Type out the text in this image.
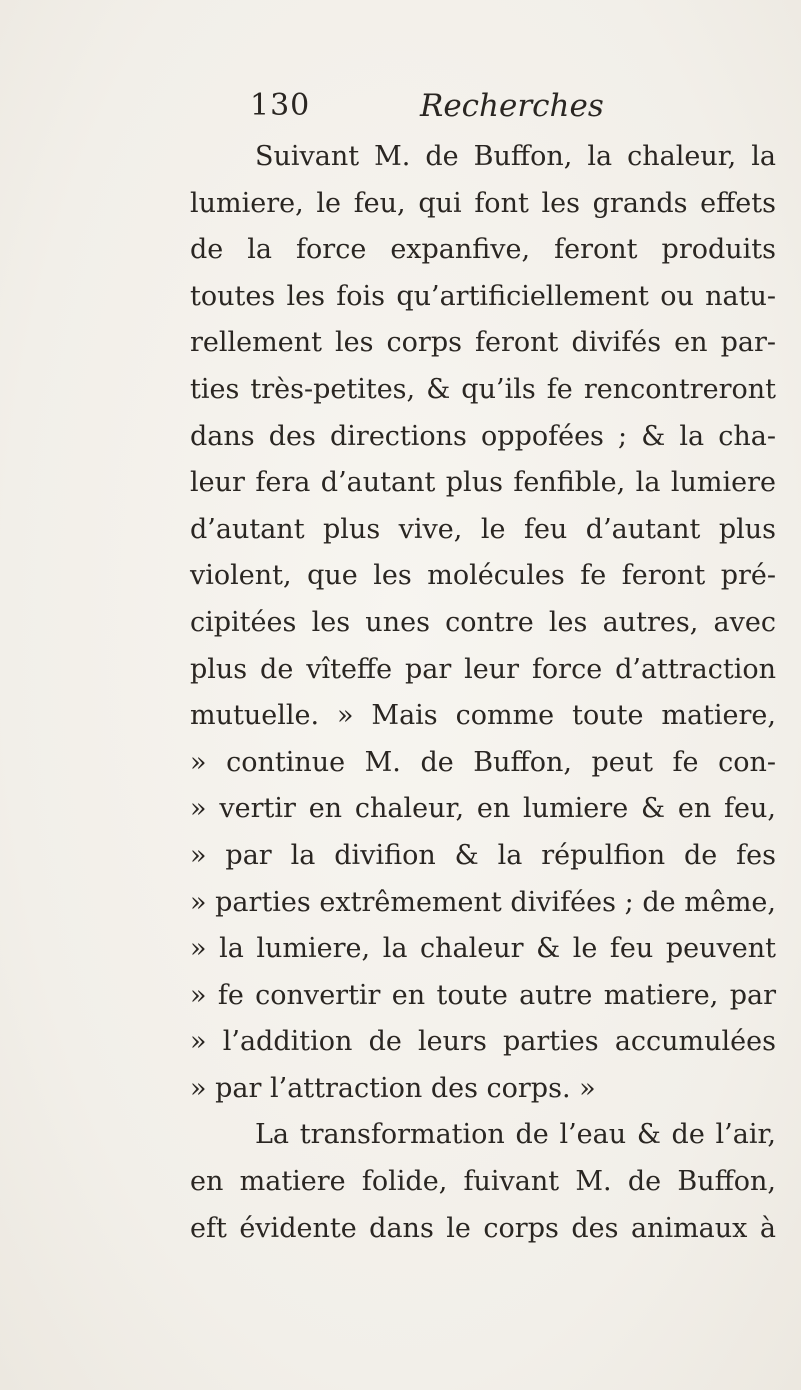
130	Recherches
Suivant M. de Buffon, la chaleur, la
lumiere, le feu, qui font les grands effets
de la force expanfive, feront produits
toutes les fois qu’artificiellement ou natu-
rellement les corps feront divifés en par-
ties très-petites, & qu’ils fe rencontreront
dans des directions oppofées ; & la cha-
leur fera d’autant plus fenfible, la lumiere
d’autant plus vive, le feu d’autant plus
violent, que les molécules fe feront pré-
cipitées les unes contre les autres, avec
plus de vîteffe par leur force d’attraction
mutuelle. » Mais comme toute matiere,
» continue M. de Buffon, peut fe con-
» vertir en chaleur, en lumiere & en feu,
» par la divifion & la répulfion de fes
» parties extrêmement divifées ; de même,
» la lumiere, la chaleur & le feu peuvent
» fe convertir en toute autre matiere, par
» l’addition de leurs parties accumulées
» par l’attraction des corps. »
La transformation de l’eau & de l’air,
en matiere folide, fuivant M. de Buffon,
eft évidente dans le corps des animaux à
